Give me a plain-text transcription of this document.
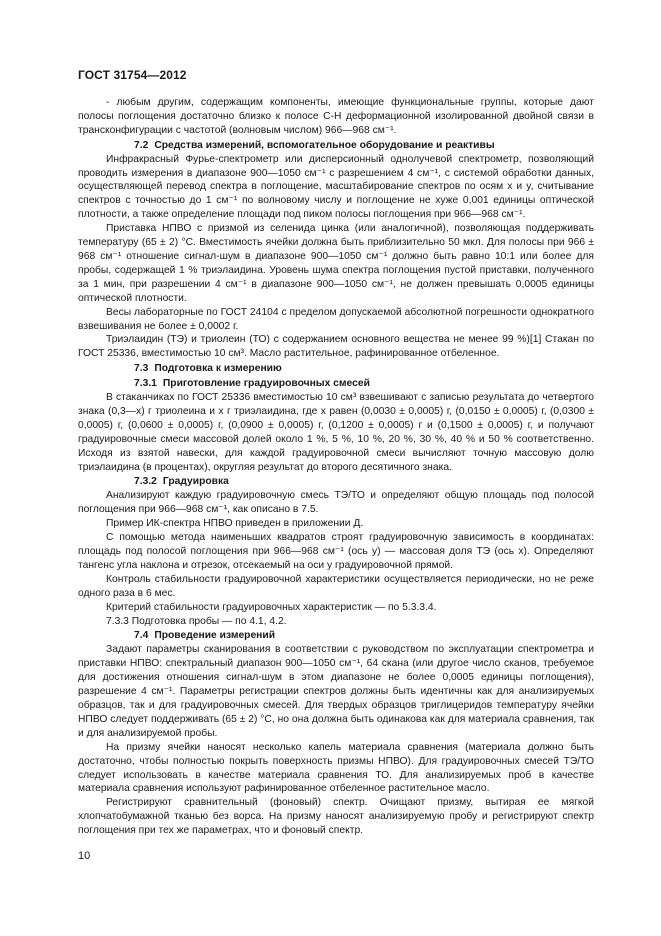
ГОСТ 31754—2012

- любым другим, содержащим компоненты, имеющие функциональные группы, которые дают полосы поглощения достаточно близко к полосе C-H деформационной изолированной двойной связи в трансконфигурации с частотой (волновым числом) 966—968 см⁻¹.

7.2 Средства измерений, вспомогательное оборудование и реактивы

Инфракрасный Фурье-спектрометр или дисперсионный однолучевой спектрометр, позволяющий проводить измерения в диапазоне 900—1050 см⁻¹ с разрешением 4 см⁻¹, с системой обработки данных, осуществляющей перевод спектра в поглощение, масштабирование спектров по осям x и y, считывание спектров с точностью до 1 см⁻¹ по волновому числу и поглощение не хуже 0,001 единицы оптической плотности, а также определение площади под пиком полосы поглощения при 966—968 см⁻¹.

Приставка НПВО с призмой из селенида цинка (или аналогичной), позволяющая поддерживать температуру (65 ± 2) °С. Вместимость ячейки должна быть приблизительно 50 мкл. Для полосы при 966 ± 968 см⁻¹ отношение сигнал-шум в диапазоне 900—1050 см⁻¹ должно быть равно 10:1 или более для пробы, содержащей 1 % триэлаидина. Уровень шума спектра поглощения пустой приставки, полученного за 1 мин, при разрешении 4 см⁻¹ в диапазоне 900—1050 см⁻¹, не должен превышать 0,0005 единицы оптической плотности.

Весы лабораторные по ГОСТ 24104 с пределом допускаемой абсолютной погрешности однократного взвешивания не более ± 0,0002 г.

Триэлаидин (ТЭ) и триолеин (ТО) с содержанием основного вещества не менее 99 %)[1] Стакан по ГОСТ 25336, вместимостью 10 см³. Масло растительное, рафинированное отбеленное.

7.3 Подготовка к измерению

7.3.1 Приготовление градуировочных смесей

В стаканчиках по ГОСТ 25336 вместимостью 10 см³ взвешивают с записью результата до четвертого знака (0,3—x) г триолеина и x г триэлаидина, где x равен (0,0030 ± 0,0005) г, (0,0150 ± 0,0005) г, (0,0300 ± 0,0005) г, (0,0600 ± 0,0005) г, (0,0900 ± 0,0005) г, (0,1200 ± 0,0005) г и (0,1500 ± 0,0005) г, и получают градуировочные смеси массовой долей около 1 %, 5 %, 10 %, 20 %, 30 %, 40 % и 50 % соответственно. Исходя из взятой навески, для каждой градуировочной смеси вычисляют точную массовую долю триэлаидина (в процентах), округляя результат до второго десятичного знака.

7.3.2 Градуировка

Анализируют каждую градуировочную смесь ТЭ/ТО и определяют общую площадь под полосой поглощения при 966—968 см⁻¹, как описано в 7.5.

Пример ИК-спектра НПВО приведен в приложении Д.

С помощью метода наименьших квадратов строят градуировочную зависимость в координатах: площадь под полосой поглощения при 966—968 см⁻¹ (ось y) — массовая доля ТЭ (ось x). Определяют тангенс угла наклона и отрезок, отсекаемый на оси y градуировочной прямой.

Контроль стабильности градуировочной характеристики осуществляется периодически, но не реже одного раза в 6 мес.

Критерий стабильности градуировочных характеристик — по 5.3.3.4.

7.3.3 Подготовка пробы — по 4.1, 4.2.

7.4 Проведение измерений

Задают параметры сканирования в соответствии с руководством по эксплуатации спектрометра и приставки НПВО: спектральный диапазон 900—1050 см⁻¹, 64 скана (или другое число сканов, требуемое для достижения отношения сигнал-шум в этом диапазоне не более 0,0005 единицы поглощения), разрешение 4 см⁻¹. Параметры регистрации спектров должны быть идентичны как для анализируемых образцов, так и для градуировочных смесей. Для твердых образцов триглицеридов температуру ячейки НПВО следует поддерживать (65 ± 2) °С, но она должна быть одинакова как для материала сравнения, так и для анализируемой пробы.

На призму ячейки наносят несколько капель материала сравнения (материала должно быть достаточно, чтобы полностью покрыть поверхность призмы НПВО). Для градуировочных смесей ТЭ/ТО следует использовать в качестве материала сравнения ТО. Для анализируемых проб в качестве материала сравнения используют рафинированное отбеленное растительное масло.

Регистрируют сравнительный (фоновый) спектр. Очищают призму, вытирая ее мягкой хлопчатобумажной тканью без ворса. На призму наносят анализируемую пробу и регистрируют спектр поглощения при тех же параметрах, что и фоновый спектр.

10
